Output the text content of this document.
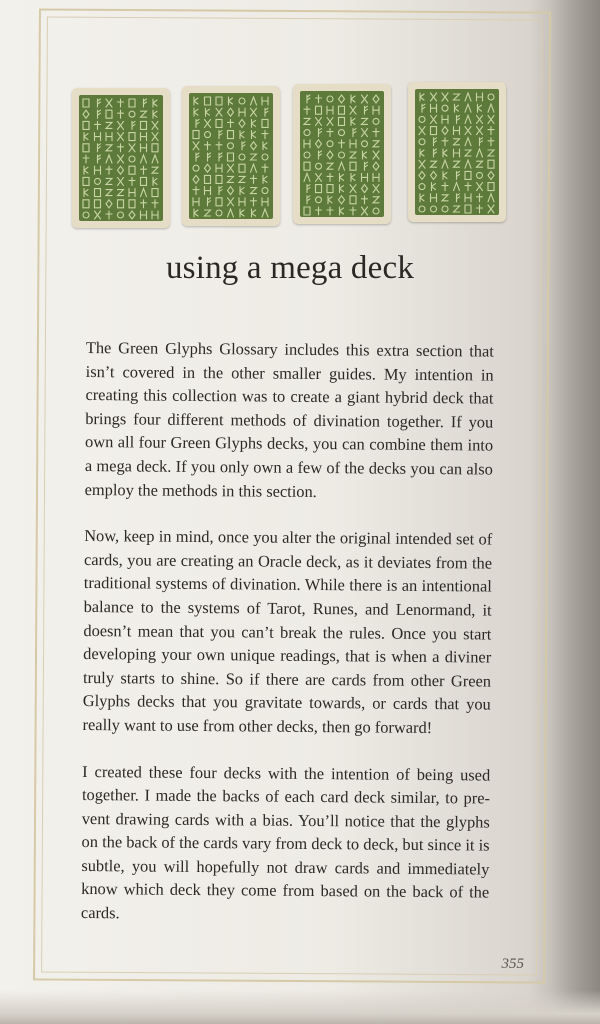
using a mega deck

The Green Glyphs Glossary includes this extra section that isn’t covered in the other smaller guides. My intention in creating this collection was to create a giant hybrid deck that brings four different methods of divination together. If you own all four Green Glyphs decks, you can combine them into a mega deck. If you only own a few of the decks you can also employ the methods in this section.

Now, keep in mind, once you alter the original intended set of cards, you are creating an Oracle deck, as it deviates from the traditional systems of divination. While there is an intentional balance to the systems of Tarot, Runes, and Lenormand, it doesn’t mean that you can’t break the rules. Once you start developing your own unique readings, that is when a diviner truly starts to shine. So if there are cards from other Green Glyphs decks that you gravitate towards, or cards that you really want to use from other decks, then go forward!

I created these four decks with the intention of being used together. I made the backs of each card deck similar, to pre-vent drawing cards with a bias. You’ll notice that the glyphs on the back of the cards vary from deck to deck, but since it is subtle, you will hopefully not draw cards and immediately know which deck they come from based on the back of the cards.

355
